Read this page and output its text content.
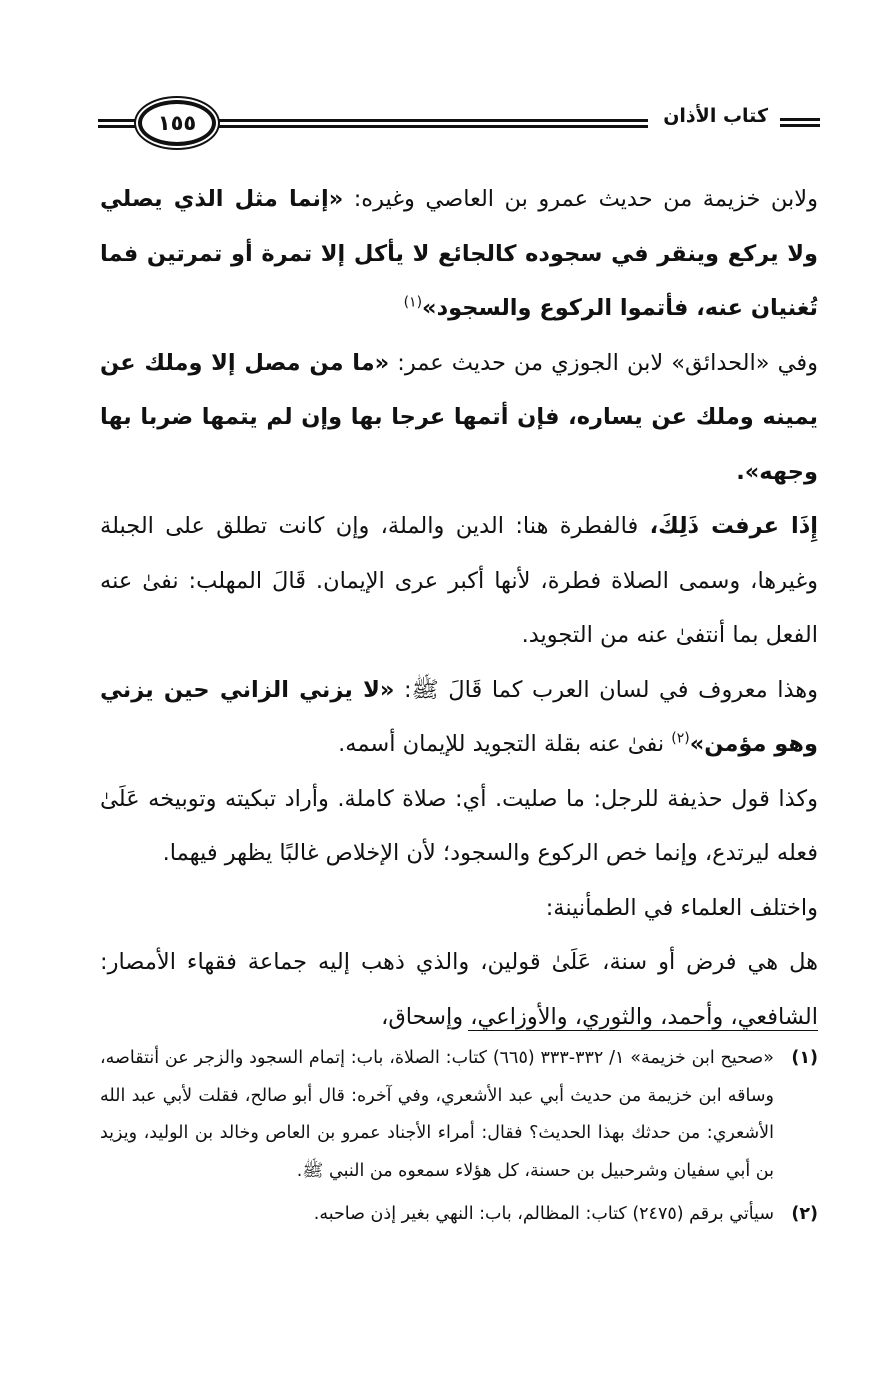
كتاب الأذان
١٥٥

ولابن خزيمة من حديث عمرو بن العاصي وغيره: «إنما مثل الذي يصلي ولا يركع وينقر في سجوده كالجائع لا يأكل إلا تمرة أو تمرتين فما تُغنيان عنه، فأتموا الركوع والسجود»$^{(١)}$

وفي «الحدائق» لابن الجوزي من حديث عمر: «ما من مصل إلا وملك عن يمينه وملك عن يساره، فإن أتمها عرجا بها وإن لم يتمها ضربا بها وجهه».

إِذَا عرفت ذَلِكَ، فالفطرة هنا: الدين والملة، وإن كانت تطلق على الجبلة وغيرها، وسمى الصلاة فطرة، لأنها أكبر عرى الإيمان. قَالَ المهلب: نفىٰ عنه الفعل بما أنتفىٰ عنه من التجويد.

وهذا معروف في لسان العرب كما قَالَ ﷺ: «لا يزني الزاني حين يزني وهو مؤمن»$^{(٢)}$ نفىٰ عنه بقلة التجويد للإيمان أسمه.

وكذا قول حذيفة للرجل: ما صليت. أي: صلاة كاملة. وأراد تبكيته وتوبيخه عَلَىٰ فعله ليرتدع، وإنما خص الركوع والسجود؛ لأن الإخلاص غالبًا يظهر فيهما.

واختلف العلماء في الطمأنينة:

هل هي فرض أو سنة، عَلَىٰ قولين، والذي ذهب إليه جماعة فقهاء الأمصار: الشافعي، وأحمد، والثوري، والأوزاعي، وإسحاق،

(١)
«صحيح ابن خزيمة» ١/ ٣٣٢-٣٣٣ (٦٦٥) كتاب: الصلاة، باب: إتمام السجود والزجر عن أنتقاصه، وساقه ابن خزيمة من حديث أبي عبد الأشعري، وفي آخره: قال أبو صالح، فقلت لأبي عبد الله الأشعري: من حدثك بهذا الحديث؟ فقال: أمراء الأجناد عمرو بن العاص وخالد بن الوليد، ويزيد بن أبي سفيان وشرحبيل بن حسنة، كل هؤلاء سمعوه من النبي ﷺ.

(٢)
سيأتي برقم (٢٤٧٥) كتاب: المظالم، باب: النهي بغير إذن صاحبه.
